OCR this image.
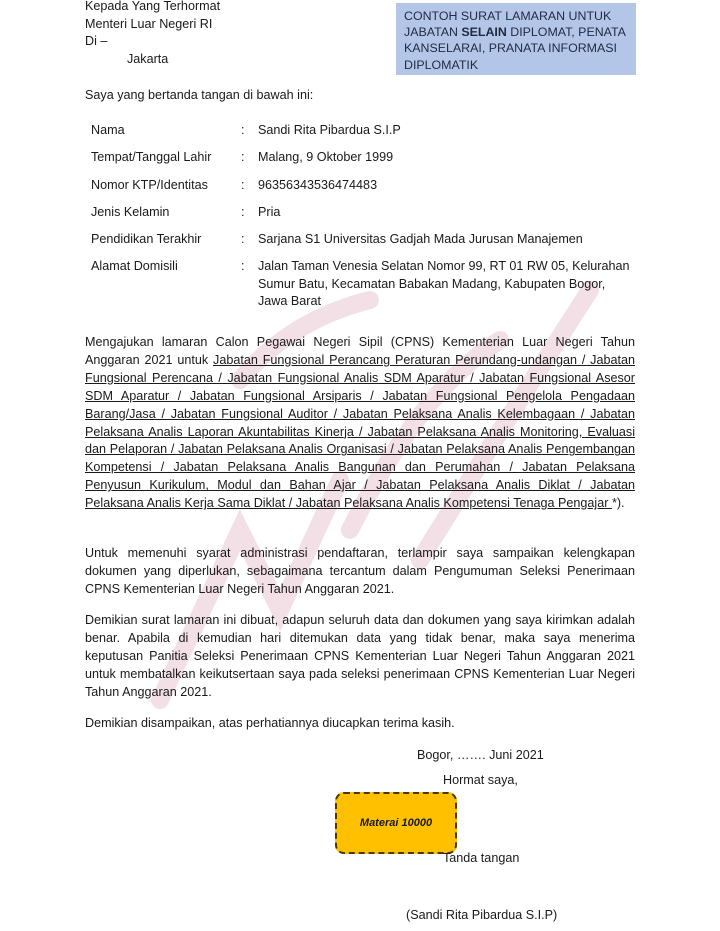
Kepada Yang Terhormat
Menteri Luar Negeri RI
Di –
Jakarta
CONTOH SURAT LAMARAN UNTUK JABATAN SELAIN DIPLOMAT, PENATA KANSELARAI, PRANATA INFORMASI DIPLOMATIK
Saya yang bertanda tangan di bawah ini:
Nama	:	Sandi Rita Pibardua S.I.P
Tempat/Tanggal Lahir	:	Malang, 9 Oktober 1999
Nomor KTP/Identitas	:	96356343536474483
Jenis Kelamin	:	Pria
Pendidikan Terakhir	:	Sarjana S1 Universitas Gadjah Mada Jurusan Manajemen
Alamat Domisili	:	Jalan Taman Venesia Selatan Nomor 99, RT 01 RW 05, Kelurahan Sumur Batu, Kecamatan Babakan Madang, Kabupaten Bogor, Jawa Barat
Mengajukan lamaran Calon Pegawai Negeri Sipil (CPNS) Kementerian Luar Negeri Tahun Anggaran 2021 untuk Jabatan Fungsional Perancang Peraturan Perundang-undangan / Jabatan Fungsional Perencana / Jabatan Fungsional Analis SDM Aparatur / Jabatan Fungsional Asesor SDM Aparatur / Jabatan Fungsional Arsiparis / Jabatan Fungsional Pengelola Pengadaan Barang/Jasa / Jabatan Fungsional Auditor / Jabatan Pelaksana Analis Kelembagaan / Jabatan Pelaksana Analis Laporan Akuntabilitas Kinerja / Jabatan Pelaksana Analis Monitoring, Evaluasi dan Pelaporan / Jabatan Pelaksana Analis Organisasi / Jabatan Pelaksana Analis Pengembangan Kompetensi / Jabatan Pelaksana Analis Bangunan dan Perumahan / Jabatan Pelaksana Penyusun Kurikulum, Modul dan Bahan Ajar / Jabatan Pelaksana Analis Diklat / Jabatan Pelaksana Analis Kerja Sama Diklat / Jabatan Pelaksana Analis Kompetensi Tenaga Pengajar *).
Untuk memenuhi syarat administrasi pendaftaran, terlampir saya sampaikan kelengkapan dokumen yang diperlukan, sebagaimana tercantum dalam Pengumuman Seleksi Penerimaan CPNS Kementerian Luar Negeri Tahun Anggaran 2021.
Demikian surat lamaran ini dibuat, adapun seluruh data dan dokumen yang saya kirimkan adalah benar. Apabila di kemudian hari ditemukan data yang tidak benar, maka saya menerima keputusan Panitia Seleksi Penerimaan CPNS Kementerian Luar Negeri Tahun Anggaran 2021 untuk membatalkan keikutsertaan saya pada seleksi penerimaan CPNS Kementerian Luar Negeri Tahun Anggaran 2021.
Demikian disampaikan, atas perhatiannya diucapkan terima kasih.
Bogor, ……. Juni 2021
Hormat saya,
Materai 10000
Tanda tangan
(Sandi Rita Pibardua S.I.P)
